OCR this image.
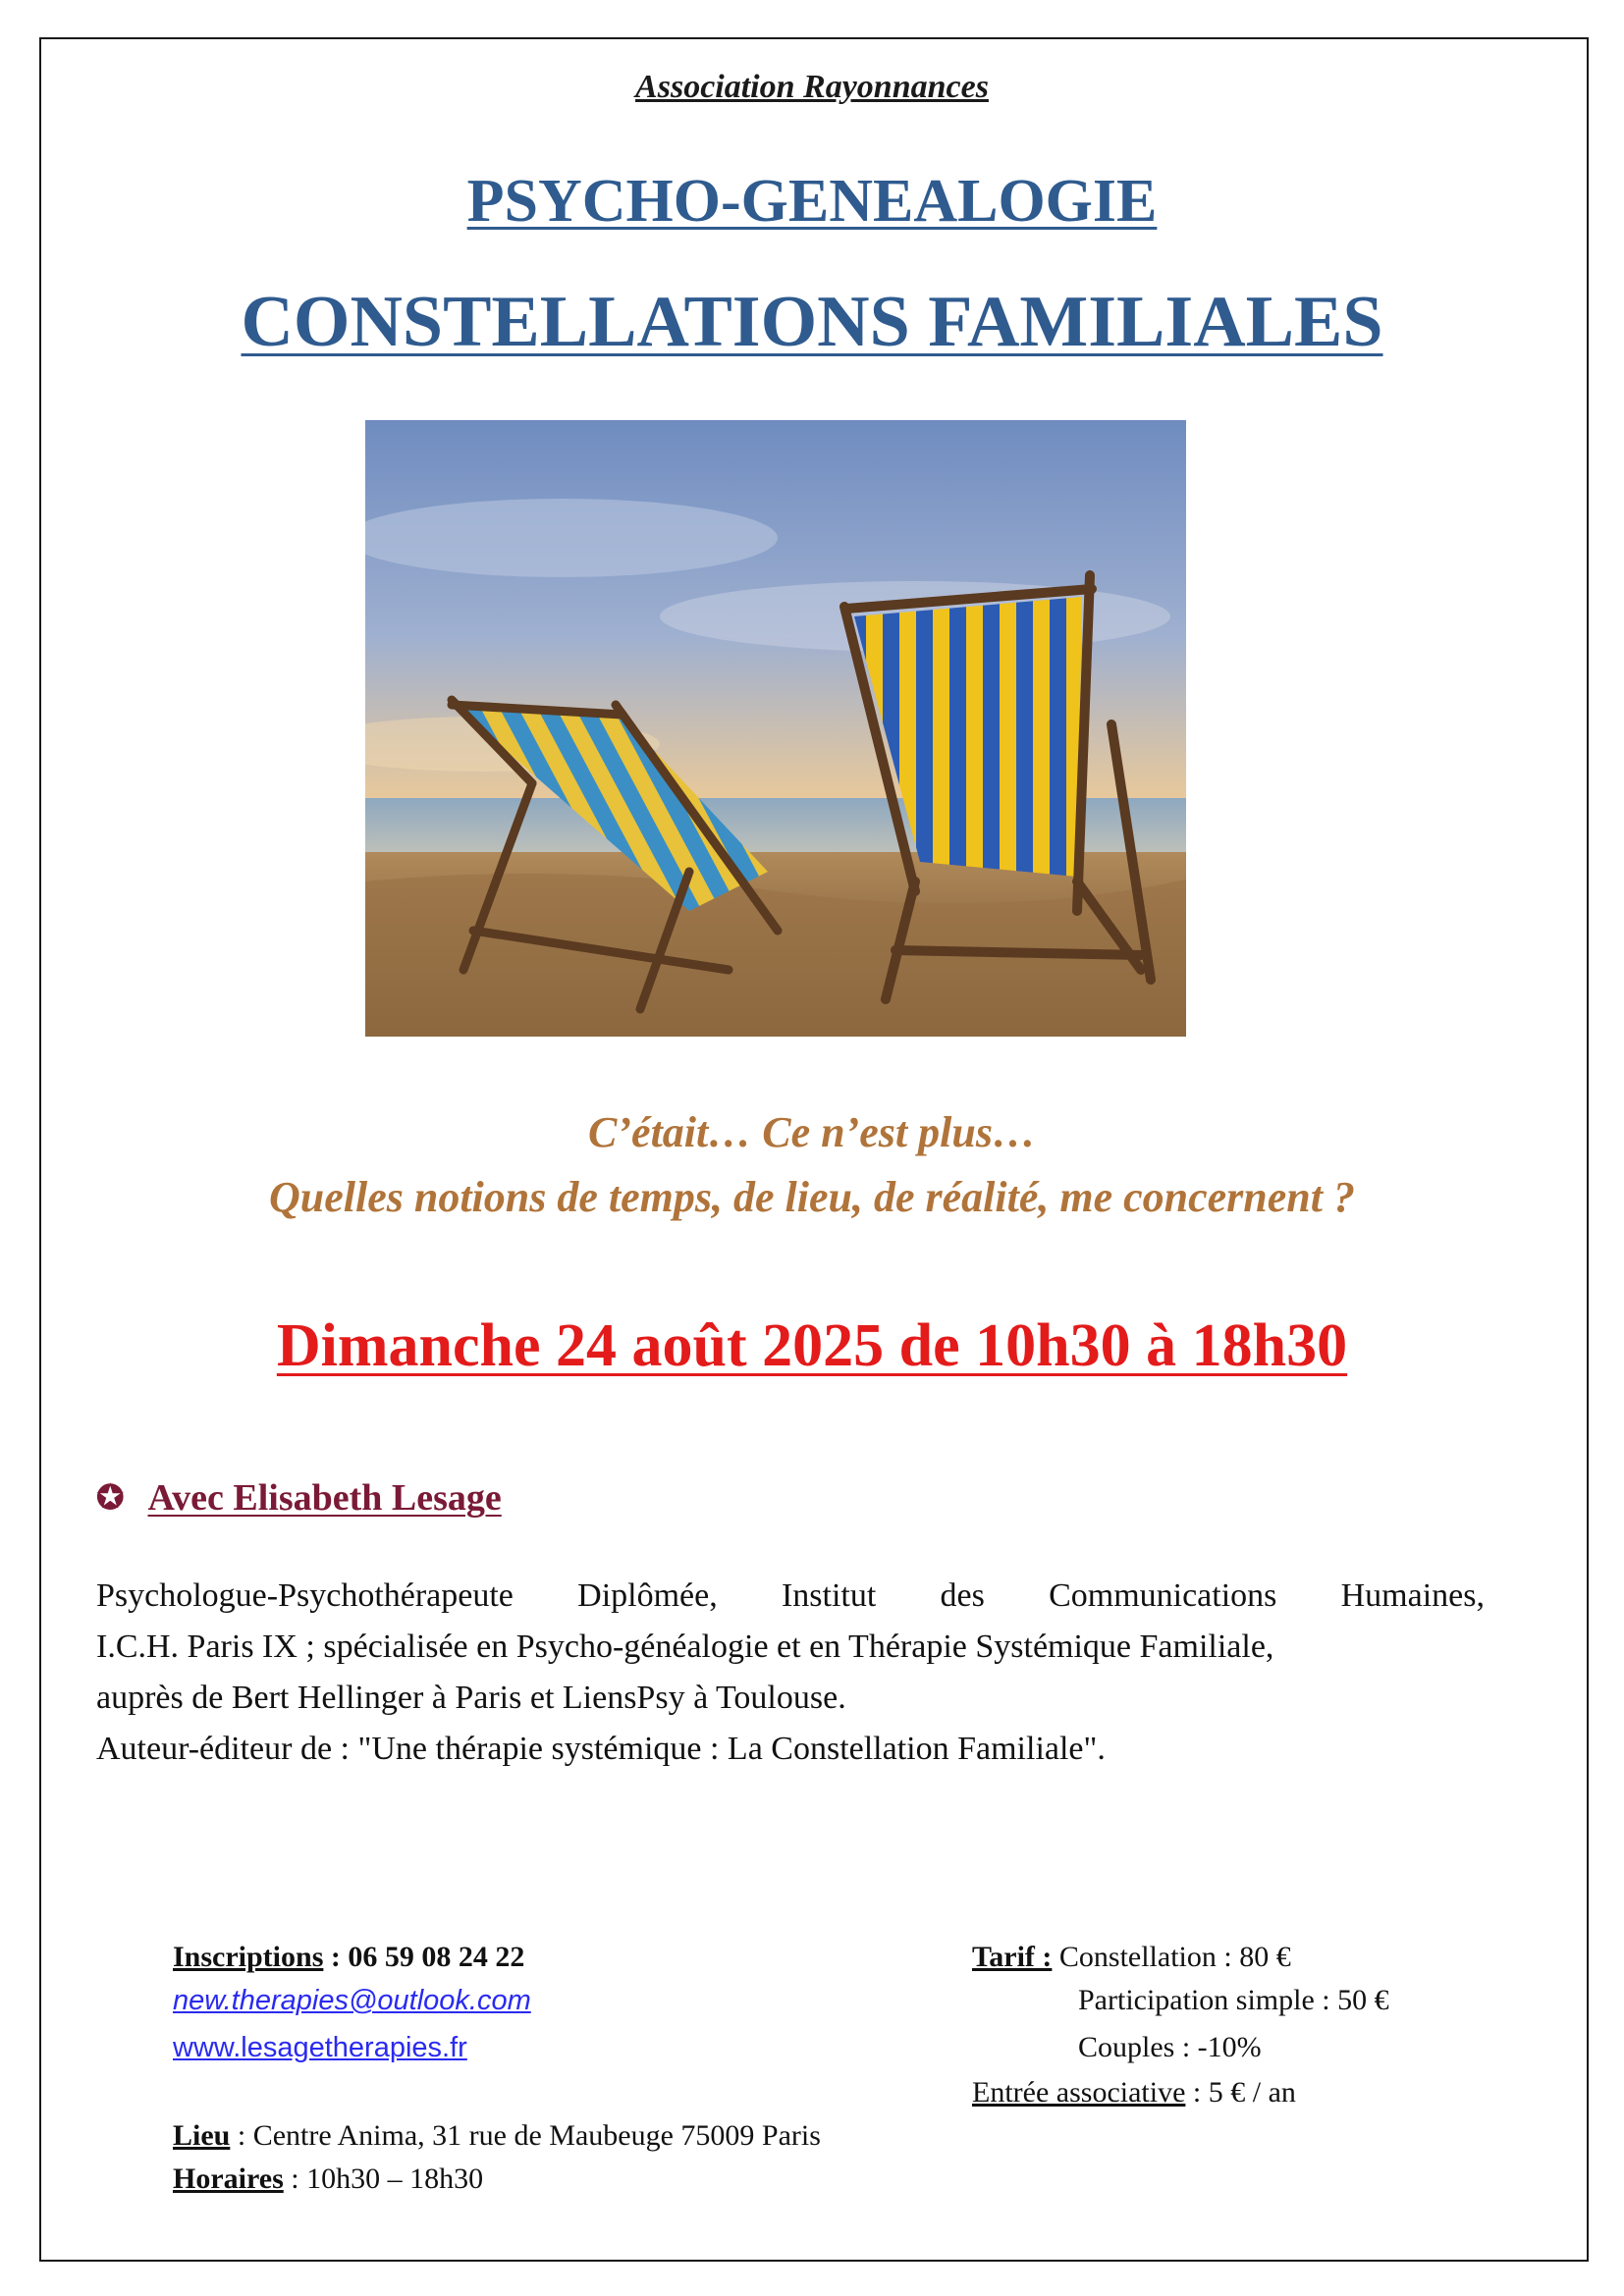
Association Rayonnances
PSYCHO-GENEALOGIE
CONSTELLATIONS FAMILIALES
C’était… Ce n’est plus…
Quelles notions de temps, de lieu, de réalité, me concernent ?
Dimanche 24 août 2025 de 10h30 à 18h30
✪ Avec Elisabeth Lesage
Psychologue-Psychothérapeute Diplômée, Institut des Communications Humaines,
I.C.H. Paris IX ; spécialisée en Psycho-généalogie et en Thérapie Systémique Familiale,
auprès de Bert Hellinger à Paris et LiensPsy à Toulouse.
Auteur-éditeur de : "Une thérapie systémique : La Constellation Familiale".
Inscriptions : 06 59 08 24 22
new.therapies@outlook.com
www.lesagetherapies.fr
Lieu : Centre Anima, 31 rue de Maubeuge 75009 Paris
Horaires : 10h30 – 18h30
Tarif : Constellation : 80 €
Participation simple : 50 €
Couples : -10%
Entrée associative : 5 € / an
